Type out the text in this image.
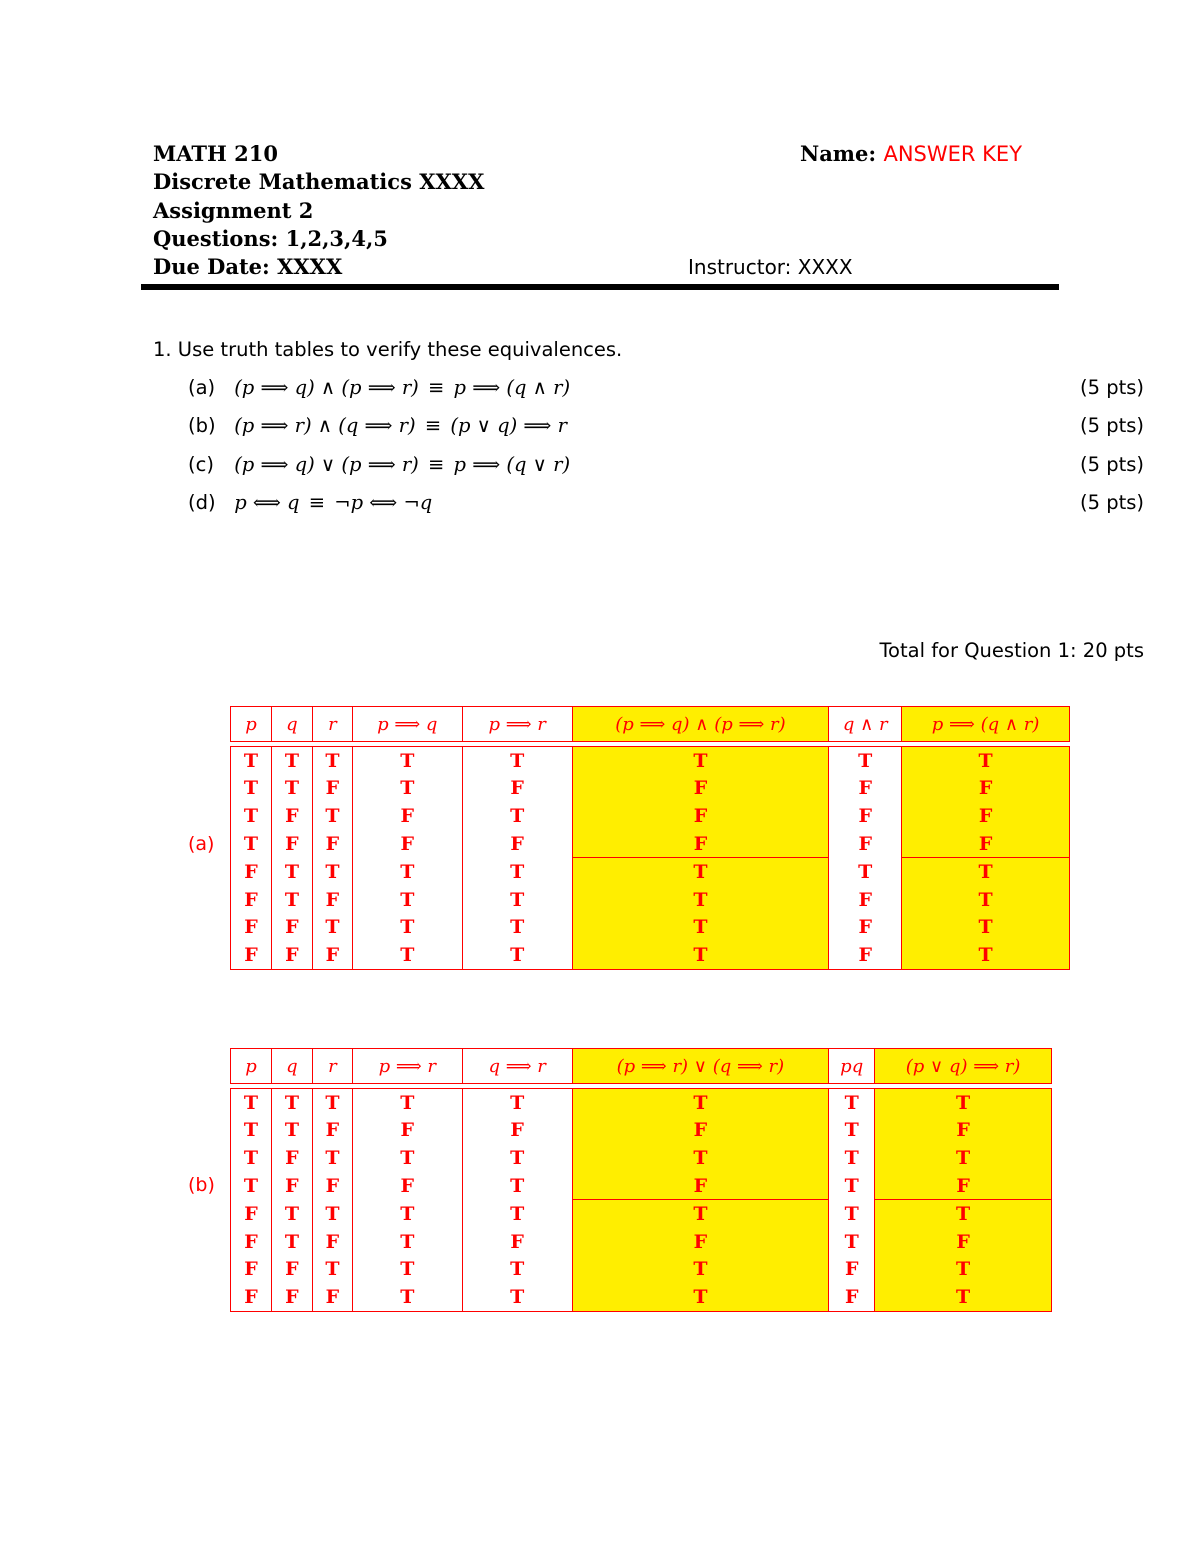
MATH 210
Discrete Mathematics XXXX
Assignment 2
Questions: 1,2,3,4,5
Due Date: XXXX	Instructor: XXXX
Name: ANSWER KEY
1. Use truth tables to verify these equivalences.
(a) (p ⟹ q) ∧ (p ⟹ r) ≡ p ⟹ (q ∧ r)	(5 pts)
(b) (p ⟹ r) ∧ (q ⟹ r) ≡ (p ∨ q) ⟹ r	(5 pts)
(c) (p ⟹ q) ∨ (p ⟹ r) ≡ p ⟹ (q ∨ r)	(5 pts)
(d) p ⟺ q ≡ ¬p ⟺ ¬q	(5 pts)
Total for Question 1: 20 pts
(a)
(b)
p	q	r	p ⟹ q	p ⟹ r	(p ⟹ q) ∧ (p ⟹ r)	q ∧ r	p ⟹ (q ∧ r)

T	T	T	T	T	T	T	T
T	T	F	T	F	F	F	F
T	F	T	F	T	F	F	F
T	F	F	F	F	F	F	F
F	T	T	T	T	T	T	T
F	T	F	T	T	T	F	T
F	F	T	T	T	T	F	T
F	F	F	T	T	T	F	T
p	q	r	p ⟹ r	q ⟹ r	(p ⟹ r) ∨ (q ⟹ r)	pq	(p ∨ q) ⟹ r)

T	T	T	T	T	T	T	T
T	T	F	F	F	F	T	F
T	F	T	T	T	T	T	T
T	F	F	F	T	F	T	F
F	T	T	T	T	T	T	T
F	T	F	T	F	F	T	F
F	F	T	T	T	T	F	T
F	F	F	T	T	T	F	T
